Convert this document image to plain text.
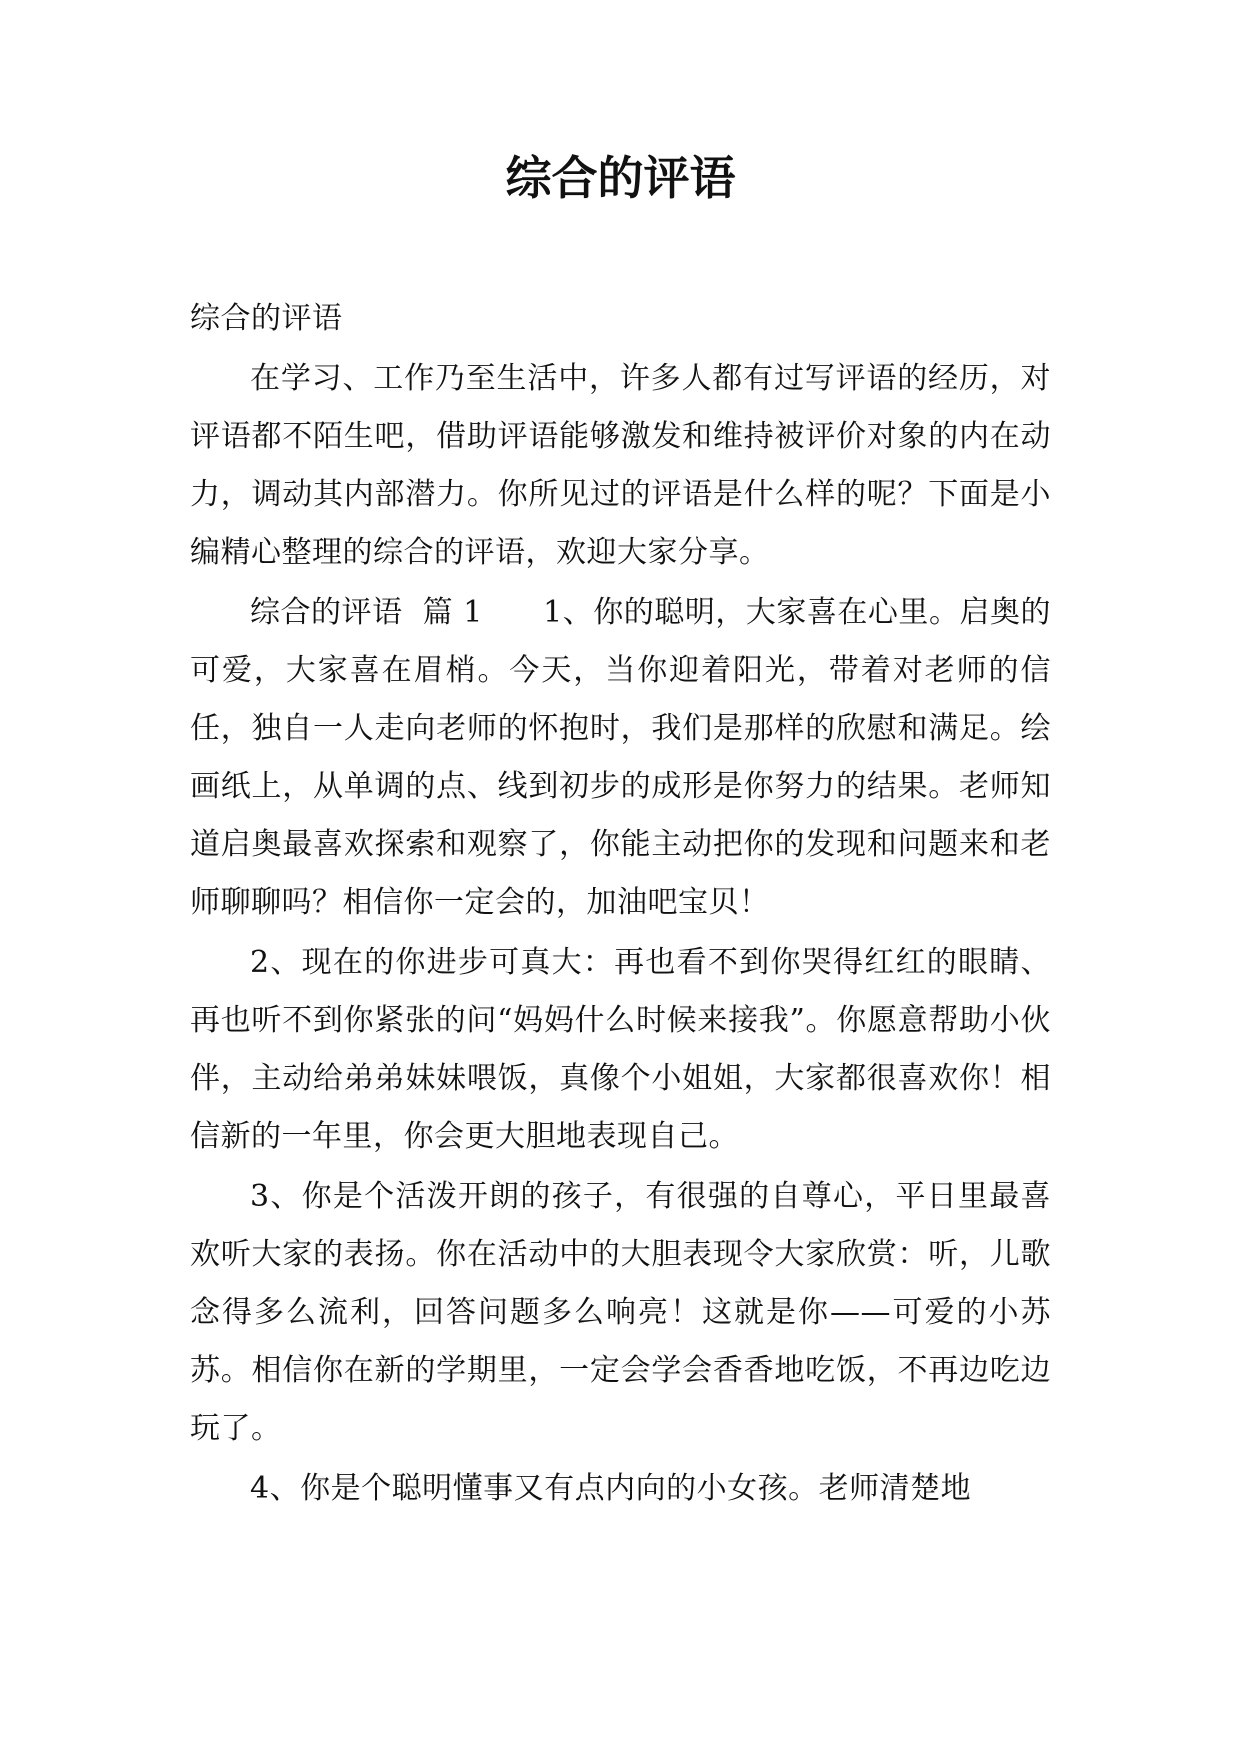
综合的评语

综合的评语

在学习、工作乃至生活中，许多人都有过写评语的经历，对评语都不陌生吧，借助评语能够激发和维持被评价对象的内在动力，调动其内部潜力。你所见过的评语是什么样的呢？下面是小编精心整理的综合的评语，欢迎大家分享。

综合的评语  篇 1      1、你的聪明，大家喜在心里。启奥的可爱，大家喜在眉梢。今天，当你迎着阳光，带着对老师的信任，独自一人走向老师的怀抱时，我们是那样的欣慰和满足。绘画纸上，从单调的点、线到初步的成形是你努力的结果。老师知道启奥最喜欢探索和观察了，你能主动把你的发现和问题来和老师聊聊吗？相信你一定会的，加油吧宝贝！

2、现在的你进步可真大：再也看不到你哭得红红的眼睛、再也听不到你紧张的问“妈妈什么时候来接我”。你愿意帮助小伙伴，主动给弟弟妹妹喂饭，真像个小姐姐，大家都很喜欢你！相信新的一年里，你会更大胆地表现自己。

3、你是个活泼开朗的孩子，有很强的自尊心，平日里最喜欢听大家的表扬。你在活动中的大胆表现令大家欣赏：听，儿歌念得多么流利，回答问题多么响亮！这就是你——可爱的小苏苏。相信你在新的学期里，一定会学会香香地吃饭，不再边吃边玩了。

4、你是个聪明懂事又有点内向的小女孩。老师清楚地
